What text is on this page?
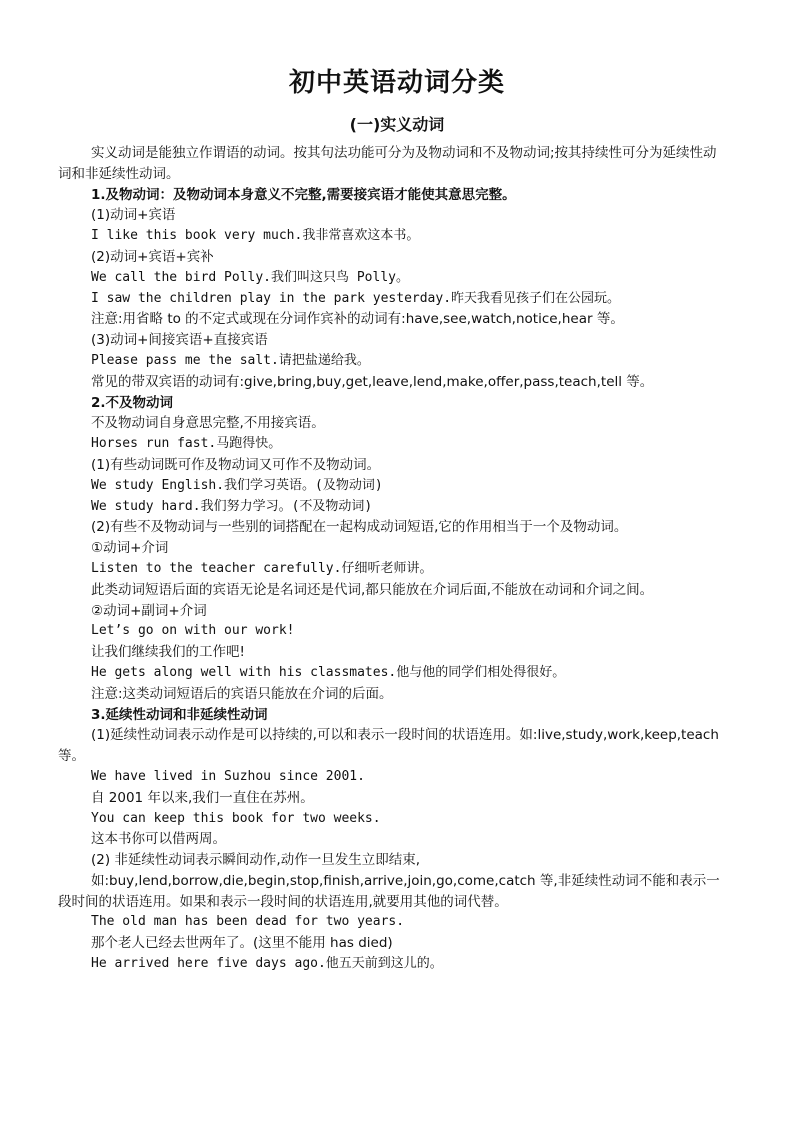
初中英语动词分类
(一)实义动词
实义动词是能独立作谓语的动词。按其句法功能可分为及物动词和不及物动词;按其持续性可分为延续性动词和非延续性动词。
1.及物动词：及物动词本身意义不完整,需要接宾语才能使其意思完整。
(1)动词+宾语
I like this book very much.我非常喜欢这本书。
(2)动词+宾语+宾补
We call the bird Polly.我们叫这只鸟 Polly。
I saw the children play in the park yesterday.昨天我看见孩子们在公园玩。
注意:用省略 to 的不定式或现在分词作宾补的动词有:have,see,watch,notice,hear 等。
(3)动词+间接宾语+直接宾语
Please pass me the salt.请把盐递给我。
常见的带双宾语的动词有:give,bring,buy,get,leave,lend,make,offer,pass,teach,tell 等。
2.不及物动词
不及物动词自身意思完整,不用接宾语。
Horses run fast.马跑得快。
(1)有些动词既可作及物动词又可作不及物动词。
We study English.我们学习英语。(及物动词)
We study hard.我们努力学习。(不及物动词)
(2)有些不及物动词与一些别的词搭配在一起构成动词短语,它的作用相当于一个及物动词。
①动词+介词
Listen to the teacher carefully.仔细听老师讲。
此类动词短语后面的宾语无论是名词还是代词,都只能放在介词后面,不能放在动词和介词之间。
②动词+副词+介词
Let’s go on with our work!
让我们继续我们的工作吧!
He gets along well with his classmates.他与他的同学们相处得很好。
注意:这类动词短语后的宾语只能放在介词的后面。
3.延续性动词和非延续性动词
(1)延续性动词表示动作是可以持续的,可以和表示一段时间的状语连用。如:live,study,work,keep,teach 等。
We have lived in Suzhou since 2001.
自 2001 年以来,我们一直住在苏州。
You can keep this book for two weeks.
这本书你可以借两周。
(2) 非延续性动词表示瞬间动作,动作一旦发生立即结束,
如:buy,lend,borrow,die,begin,stop,finish,arrive,join,go,come,catch 等,非延续性动词不能和表示一段时间的状语连用。如果和表示一段时间的状语连用,就要用其他的词代替。
The old man has been dead for two years.
那个老人已经去世两年了。(这里不能用 has died)
He arrived here five days ago.他五天前到这儿的。
